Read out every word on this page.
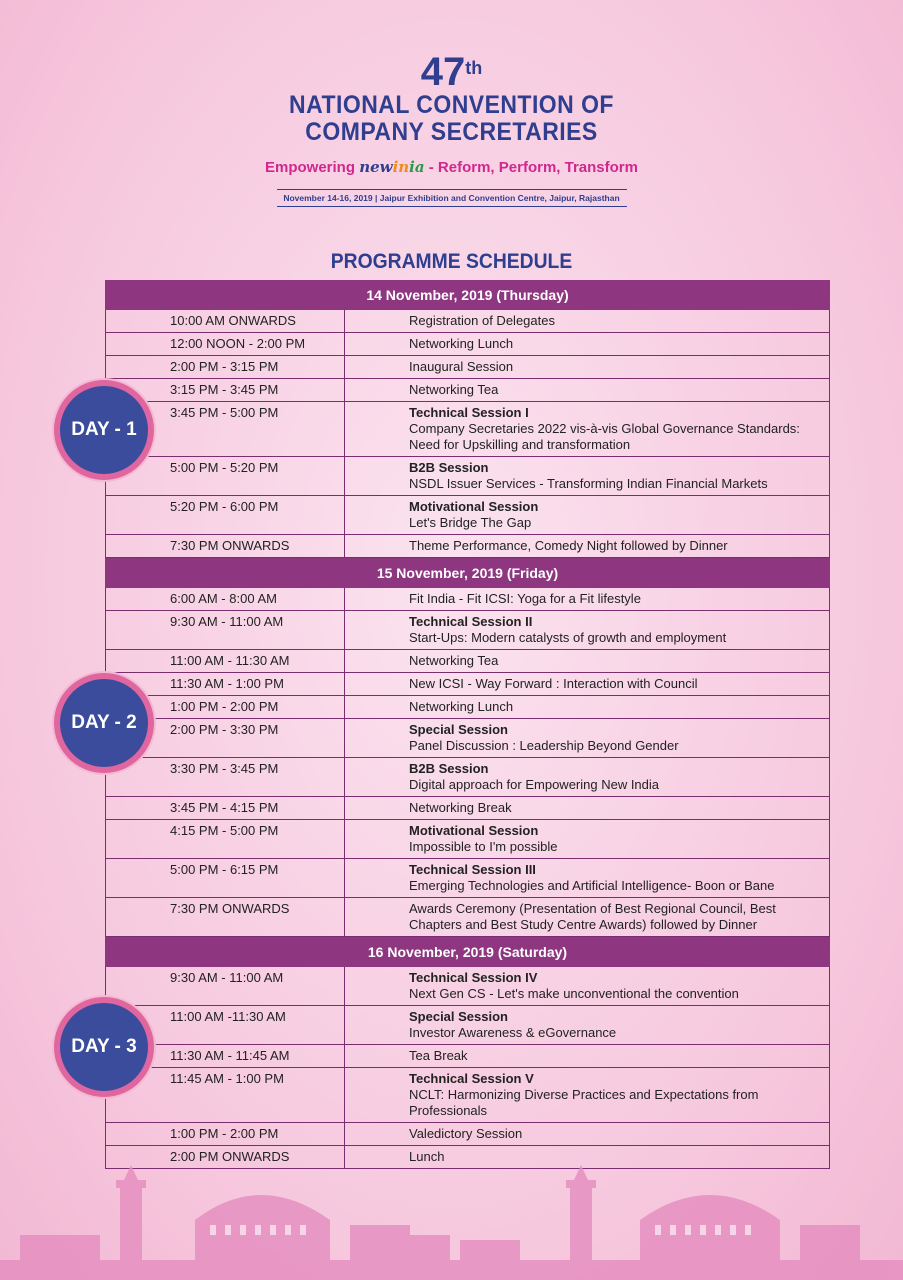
47th
NATIONAL CONVENTION OF
COMPANY SECRETARIES
Empowering newinia - Reform, Perform, Transform
November 14-16, 2019 | Jaipur Exhibition and Convention Centre, Jaipur, Rajasthan
PROGRAMME SCHEDULE
14 November, 2019 (Thursday)
10:00 AM ONWARDS	Registration of Delegates
12:00 NOON - 2:00 PM	Networking Lunch
2:00 PM - 3:15 PM	Inaugural Session
3:15 PM - 3:45 PM	Networking Tea
3:45 PM - 5:00 PM	Technical Session I
Company Secretaries 2022 vis-à-vis Global Governance Standards: Need for Upskilling and transformation
5:00 PM - 5:20 PM	B2B Session
NSDL Issuer Services - Transforming Indian Financial Markets
5:20 PM - 6:00 PM	Motivational Session
Let's Bridge The Gap
7:30 PM ONWARDS	Theme Performance, Comedy Night followed by Dinner
DAY - 1
15 November, 2019 (Friday)
6:00 AM - 8:00 AM	Fit India - Fit ICSI: Yoga for a Fit lifestyle
9:30 AM - 11:00 AM	Technical Session II
Start-Ups: Modern catalysts of growth and employment
11:00 AM - 11:30 AM	Networking Tea
11:30 AM - 1:00 PM	New ICSI - Way Forward : Interaction with Council
1:00 PM - 2:00 PM	Networking Lunch
2:00 PM - 3:30 PM	Special Session
Panel Discussion : Leadership Beyond Gender
3:30 PM - 3:45 PM	B2B Session
Digital approach for Empowering New India
3:45 PM - 4:15 PM	Networking Break
4:15 PM - 5:00 PM	Motivational Session
Impossible to I'm possible
5:00 PM - 6:15 PM	Technical Session III
Emerging Technologies and Artificial Intelligence- Boon or Bane
7:30 PM ONWARDS	Awards Ceremony (Presentation of Best Regional Council, Best Chapters and Best Study Centre Awards) followed by Dinner
DAY - 2
16 November, 2019 (Saturday)
9:30 AM - 11:00 AM	Technical Session IV
Next Gen CS - Let's make unconventional the convention
11:00 AM -11:30 AM	Special Session
Investor Awareness & eGovernance
11:30 AM - 11:45 AM	Tea Break
11:45 AM - 1:00 PM	Technical Session V
NCLT: Harmonizing Diverse Practices and Expectations from Professionals
1:00 PM - 2:00 PM	Valedictory Session
2:00 PM ONWARDS	Lunch
DAY - 3
